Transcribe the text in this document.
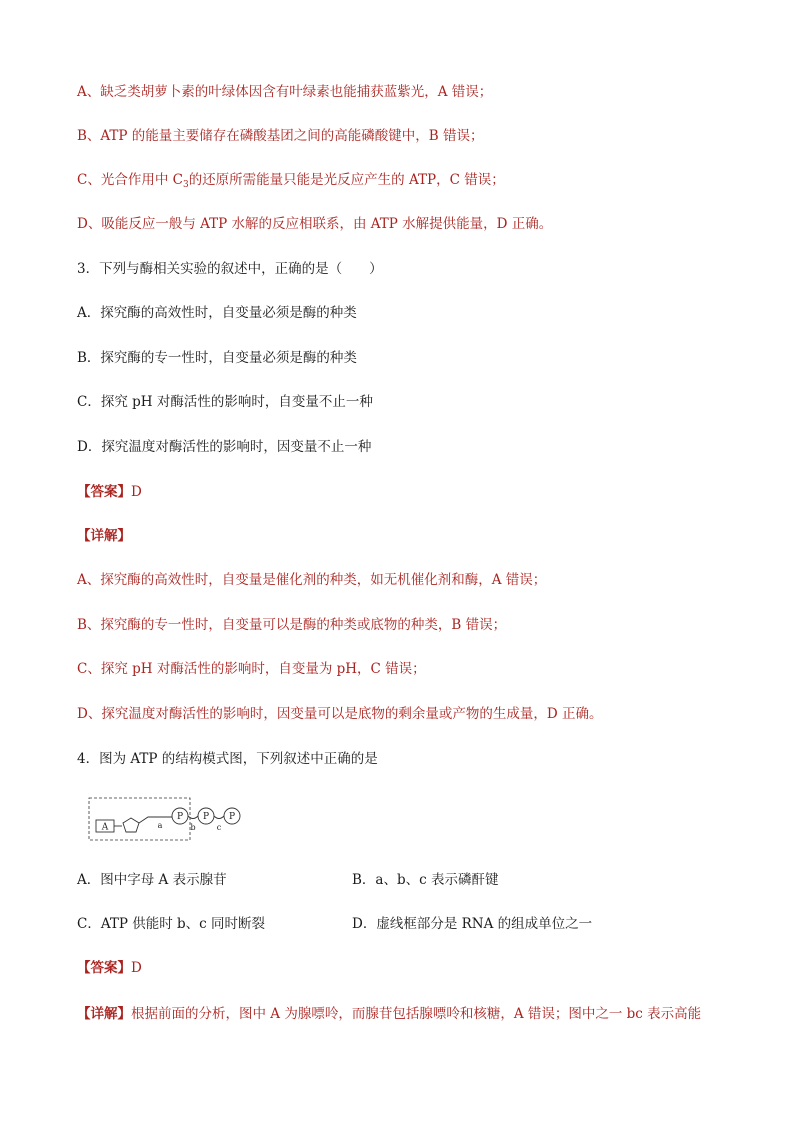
A、缺乏类胡萝卜素的叶绿体因含有叶绿素也能捕获蓝紫光，A 错误；
B、ATP 的能量主要储存在磷酸基团之间的高能磷酸键中，B 错误；
C、光合作用中 $C_3$的还原所需能量只能是光反应产生的 ATP，C 错误；
D、吸能反应一般与 ATP 水解的反应相联系，由 ATP 水解提供能量，D 正确。
3．下列与酶相关实验的叙述中，正确的是（　　）
A．探究酶的高效性时，自变量必须是酶的种类
B．探究酶的专一性时，自变量必须是酶的种类
C．探究 pH 对酶活性的影响时，自变量不止一种
D．探究温度对酶活性的影响时，因变量不止一种
【答案】D
【详解】
A、探究酶的高效性时，自变量是催化剂的种类，如无机催化剂和酶，A 错误；
B、探究酶的专一性时，自变量可以是酶的种类或底物的种类，B 错误；
C、探究 pH 对酶活性的影响时，自变量为 pH，C 错误；
D、探究温度对酶活性的影响时，因变量可以是底物的剩余量或产物的生成量，D 正确。
4．图为 ATP 的结构模式图，下列叙述中正确的是
A	a
P
b
P
c
P
A．图中字母 A 表示腺苷	B．a、b、c 表示磷酐键
C．ATP 供能时 b、c 同时断裂	D．虚线框部分是 RNA 的组成单位之一
【答案】D
【详解】根据前面的分析，图中 A 为腺嘌呤，而腺苷包括腺嘌呤和核糖，A 错误；图中之一 bc 表示高能
